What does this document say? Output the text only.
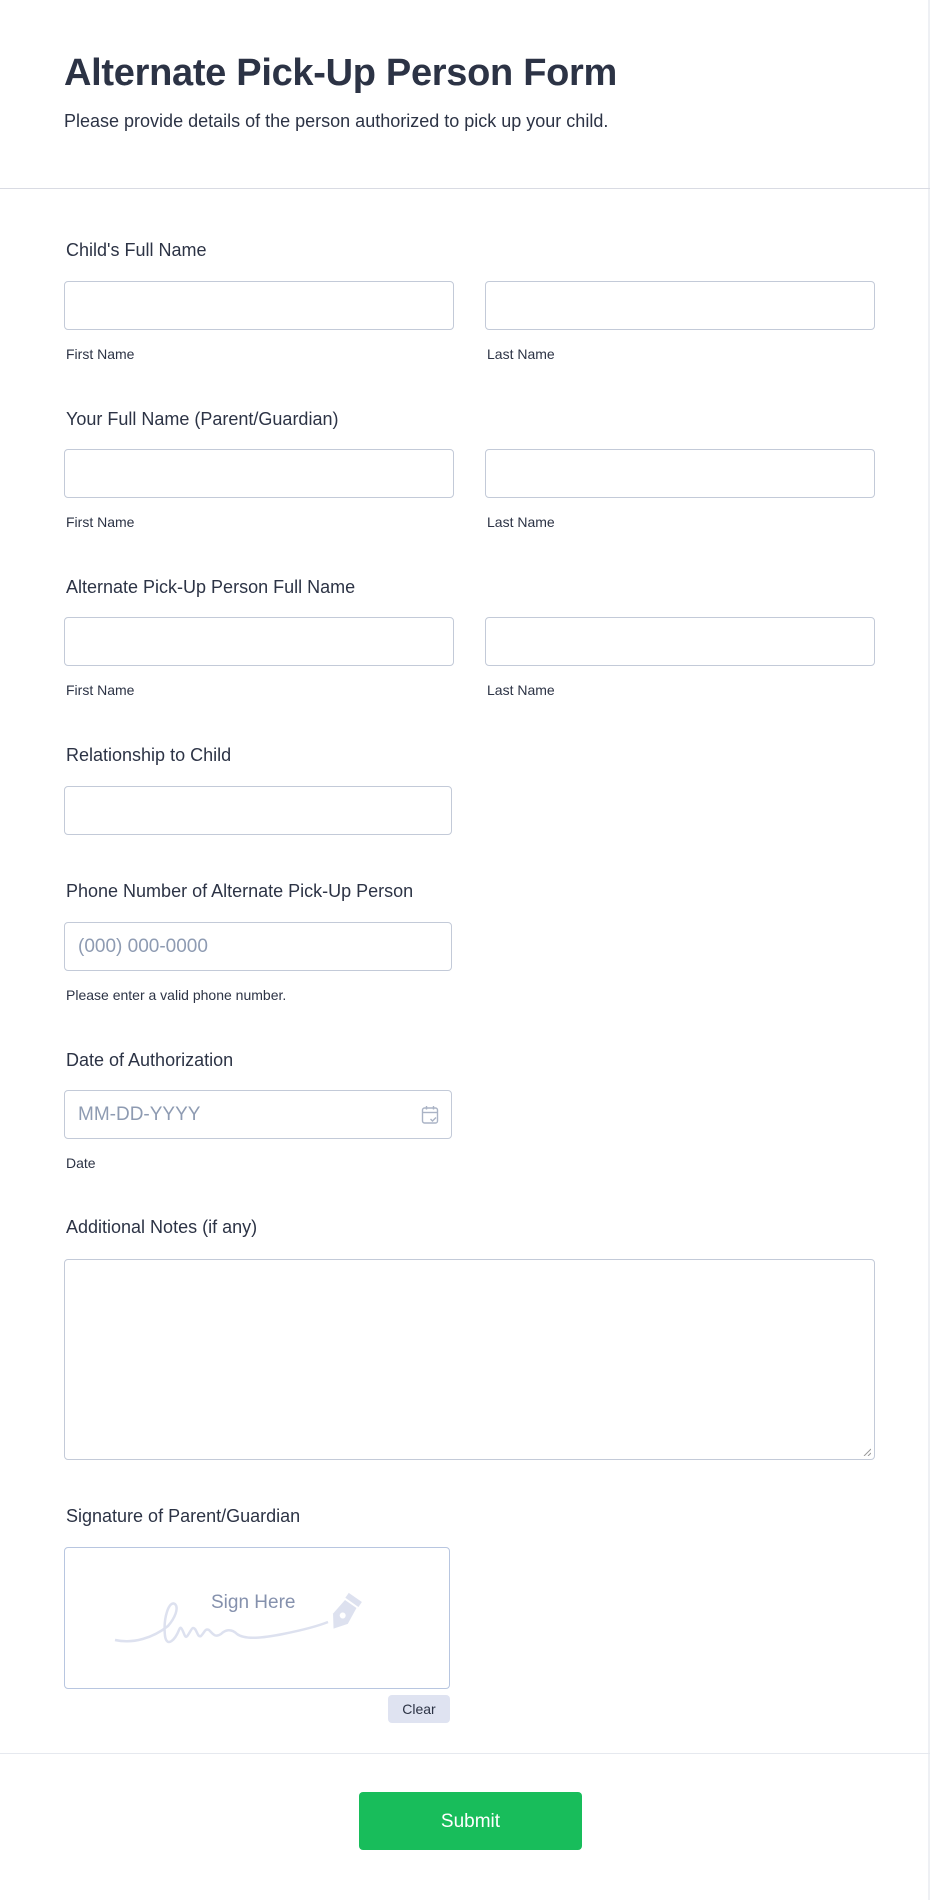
Alternate Pick-Up Person Form
Please provide details of the person authorized to pick up your child.
Child's Full Name
First Name	Last Name
Your Full Name (Parent/Guardian)
First Name	Last Name
Alternate Pick-Up Person Full Name
First Name	Last Name
Relationship to Child
Phone Number of Alternate Pick-Up Person
(000) 000-0000
Please enter a valid phone number.
Date of Authorization
MM-DD-YYYY
Date
Additional Notes (if any)
Signature of Parent/Guardian
Sign Here
Clear
Submit
